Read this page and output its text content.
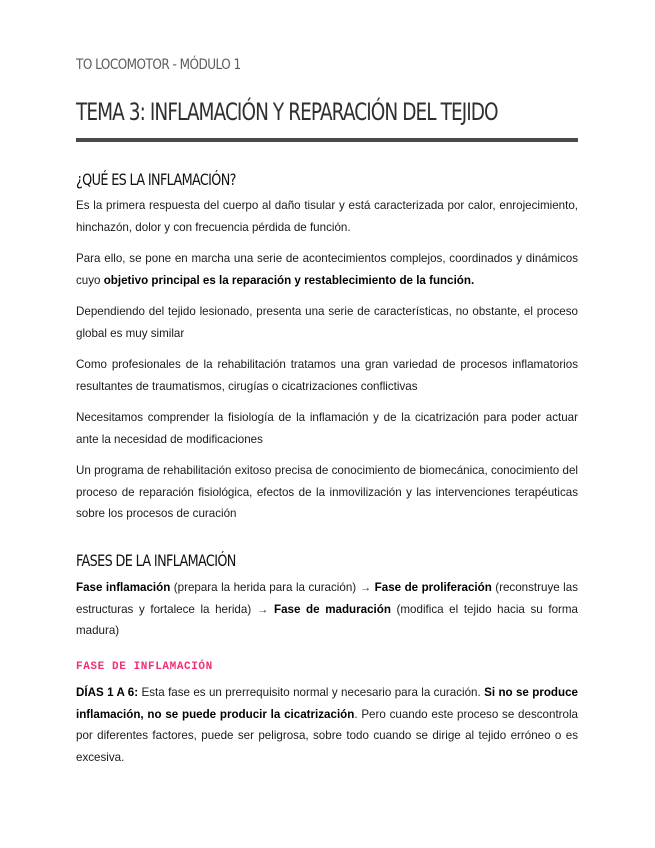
TO LOCOMOTOR - MÓDULO 1
TEMA 3: INFLAMACIÓN Y REPARACIÓN DEL TEJIDO
¿QUÉ ES LA INFLAMACIÓN?

Es la primera respuesta del cuerpo al daño tisular y está caracterizada por calor, enrojecimiento, hinchazón, dolor y con frecuencia pérdida de función.

Para ello, se pone en marcha una serie de acontecimientos complejos, coordinados y dinámicos cuyo objetivo principal es la reparación y restablecimiento de la función.

Dependiendo del tejido lesionado, presenta una serie de características, no obstante, el proceso global es muy similar

Como profesionales de la rehabilitación tratamos una gran variedad de procesos inflamatorios resultantes de traumatismos, cirugías o cicatrizaciones conflictivas

Necesitamos comprender la fisiología de la inflamación y de la cicatrización para poder actuar ante la necesidad de modificaciones

Un programa de rehabilitación exitoso precisa de conocimiento de biomecánica, conocimiento del proceso de reparación fisiológica, efectos de la inmovilización y las intervenciones terapéuticas sobre los procesos de curación

FASES DE LA INFLAMACIÓN

Fase inflamación (prepara la herida para la curación) → Fase de proliferación (reconstruye las estructuras y fortalece la herida) → Fase de maduración (modifica el tejido hacia su forma madura)

FASE DE INFLAMACIÓN

DÍAS 1 A 6: Esta fase es un prerrequisito normal y necesario para la curación. Si no se produce inflamación, no se puede producir la cicatrización. Pero cuando este proceso se descontrola por diferentes factores, puede ser peligrosa, sobre todo cuando se dirige al tejido erróneo o es excesiva.
